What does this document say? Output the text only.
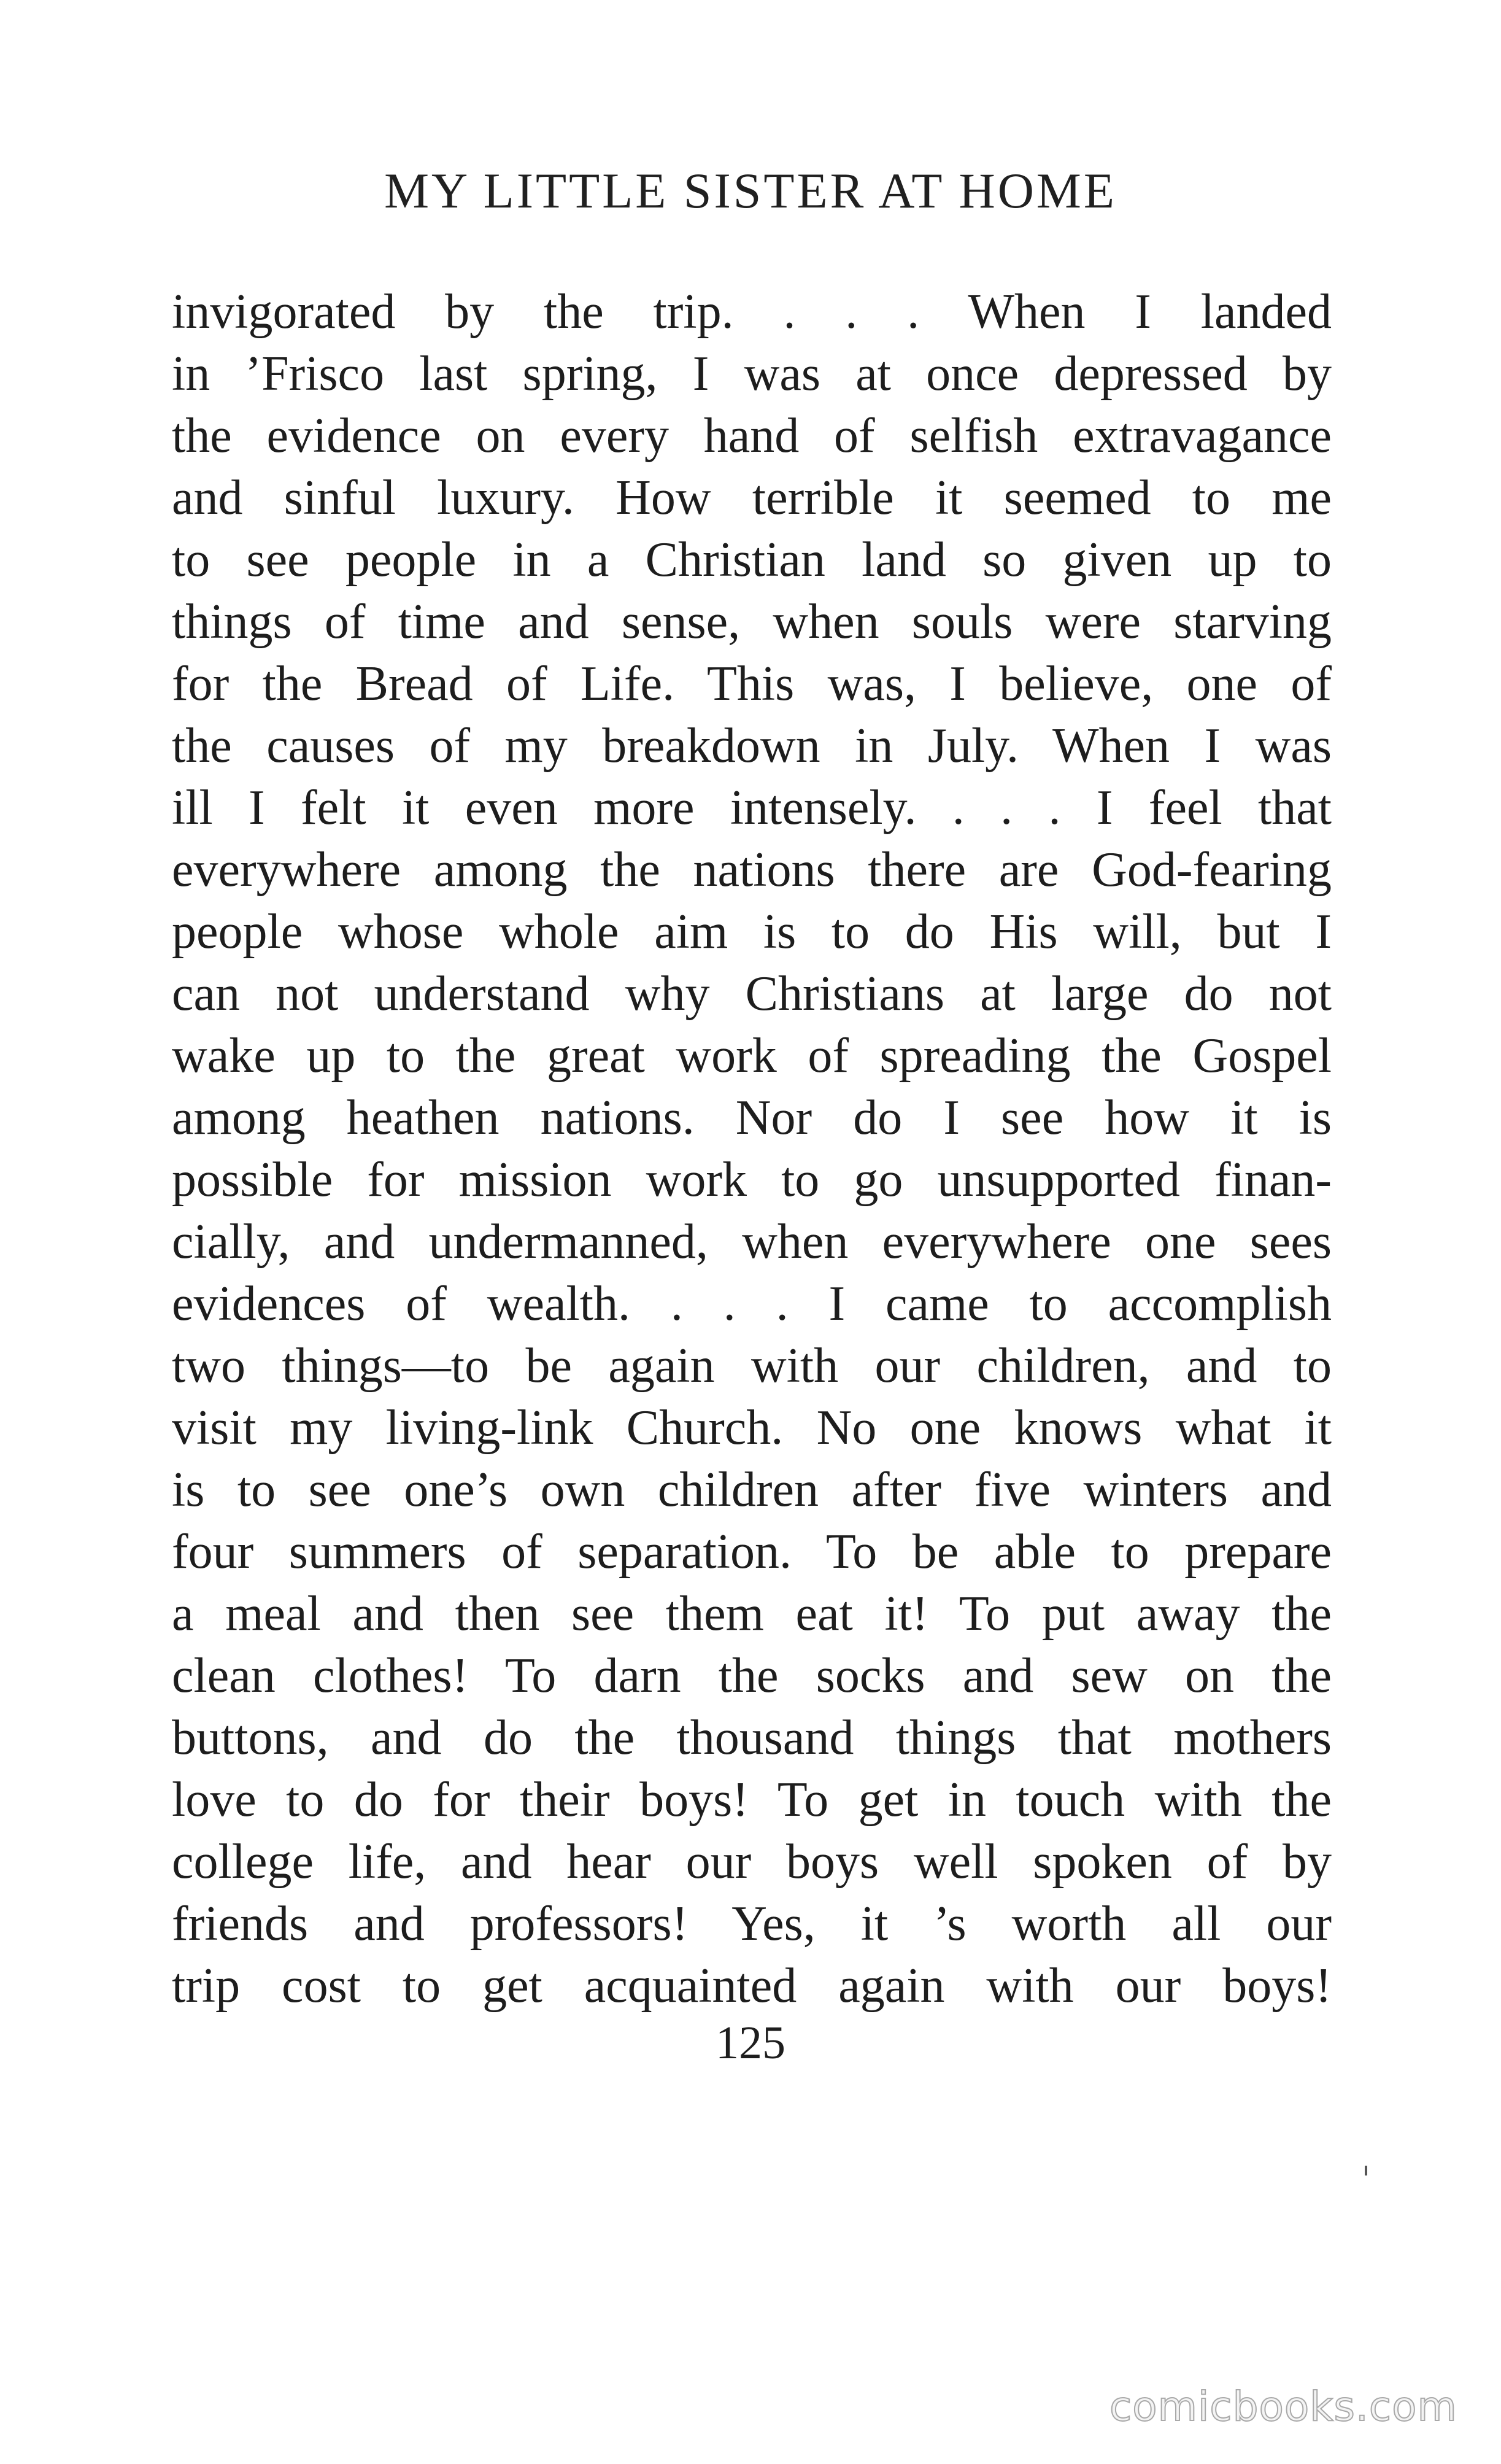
MY LITTLE SISTER AT HOME
invigorated by the trip. . . . When I landed
in ’Frisco last spring, I was at once depressed by
the evidence on every hand of selfish extravagance
and sinful luxury. How terrible it seemed to me
to see people in a Christian land so given up to
things of time and sense, when souls were starving
for the Bread of Life. This was, I believe, one of
the causes of my breakdown in July. When I was
ill I felt it even more intensely. . . . I feel that
everywhere among the nations there are God-fearing
people whose whole aim is to do His will, but I
can not understand why Christians at large do not
wake up to the great work of spreading the Gospel
among heathen nations. Nor do I see how it is
possible for mission work to go unsupported finan-
cially, and undermanned, when everywhere one sees
evidences of wealth. . . . I came to accomplish
two things—to be again with our children, and to
visit my living-link Church. No one knows what it
is to see one’s own children after five winters and
four summers of separation. To be able to prepare
a meal and then see them eat it! To put away the
clean clothes! To darn the socks and sew on the
buttons, and do the thousand things that mothers
love to do for their boys! To get in touch with the
college life, and hear our boys well spoken of by
friends and professors! Yes, it ’s worth all our
trip cost to get acquainted again with our boys!
125
comicbooks.com
